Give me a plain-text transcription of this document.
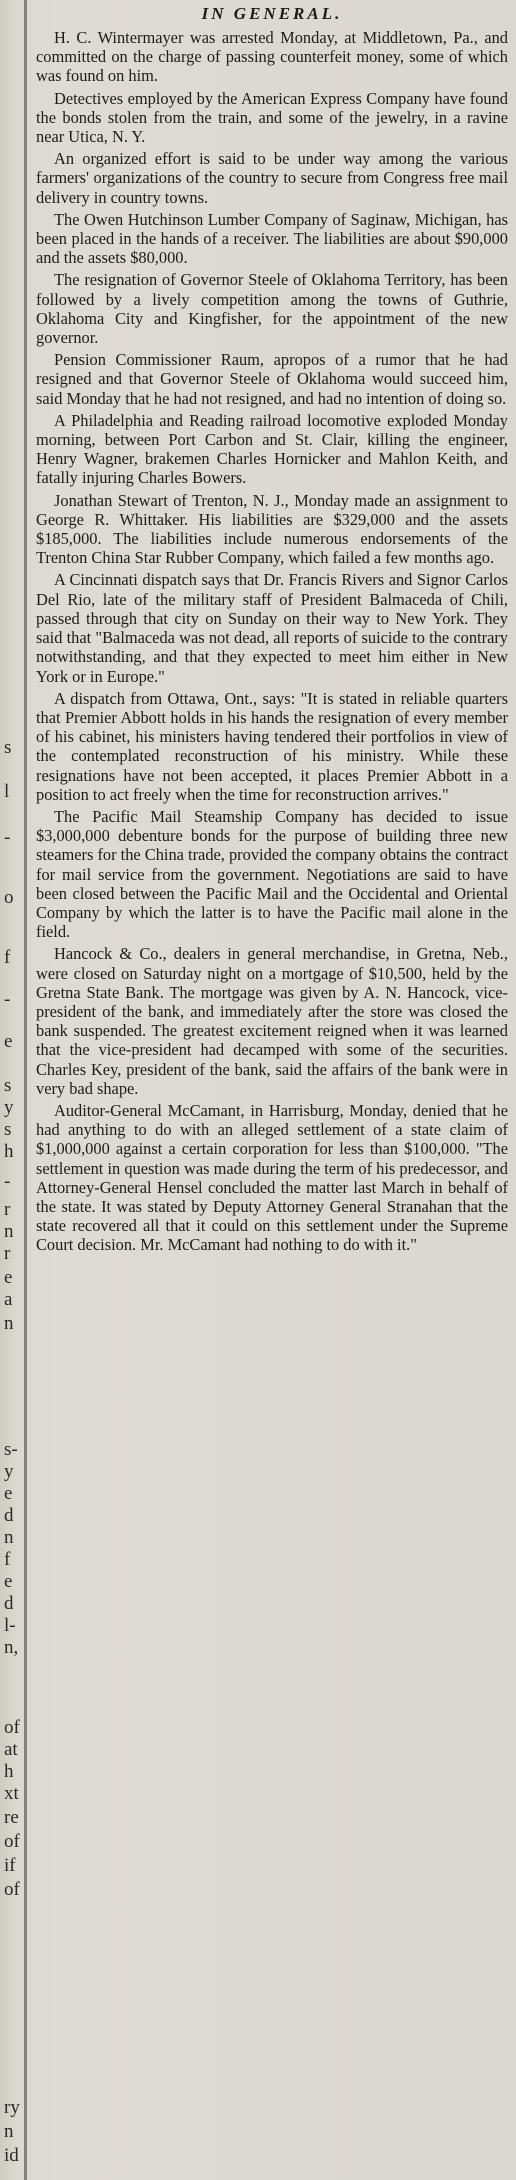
s
l
-
o
f
-
e
s
y
s
h
-
r
n
r
e
a
n
s-
y
e
d
n
f
e
d
l-
n,
of
at
h
xt
re
of
if
of
ry
n
id
IN GENERAL.

H. C. Wintermayer was arrested Monday, at Middletown, Pa., and committed on the charge of passing counterfeit money, some of which was found on him.

Detectives employed by the American Express Company have found the bonds stolen from the train, and some of the jewelry, in a ravine near Utica, N. Y.

An organized effort is said to be under way among the various farmers' organizations of the country to secure from Congress free mail delivery in country towns.

The Owen Hutchinson Lumber Company of Saginaw, Michigan, has been placed in the hands of a receiver. The liabilities are about $90,000 and the assets $80,000.

The resignation of Governor Steele of Oklahoma Territory, has been followed by a lively competition among the towns of Guthrie, Oklahoma City and Kingfisher, for the appointment of the new governor.

Pension Commissioner Raum, apropos of a rumor that he had resigned and that Governor Steele of Oklahoma would succeed him, said Monday that he had not resigned, and had no intention of doing so.

A Philadelphia and Reading railroad locomotive exploded Monday morning, between Port Carbon and St. Clair, killing the engineer, Henry Wagner, brakemen Charles Hornicker and Mahlon Keith, and fatally injuring Charles Bowers.

Jonathan Stewart of Trenton, N. J., Monday made an assignment to George R. Whittaker. His liabilities are $329,000 and the assets $185,000. The liabilities include numerous endorsements of the Trenton China Star Rubber Company, which failed a few months ago.

A Cincinnati dispatch says that Dr. Francis Rivers and Signor Carlos Del Rio, late of the military staff of President Balmaceda of Chili, passed through that city on Sunday on their way to New York. They said that "Balmaceda was not dead, all reports of suicide to the contrary notwithstanding, and that they expected to meet him either in New York or in Europe."

A dispatch from Ottawa, Ont., says: "It is stated in reliable quarters that Premier Abbott holds in his hands the resignation of every member of his cabinet, his ministers having tendered their portfolios in view of the contemplated reconstruction of his ministry. While these resignations have not been accepted, it places Premier Abbott in a position to act freely when the time for reconstruction arrives."

The Pacific Mail Steamship Company has decided to issue $3,000,000 debenture bonds for the purpose of building three new steamers for the China trade, provided the company obtains the contract for mail service from the government. Negotiations are said to have been closed between the Pacific Mail and the Occidental and Oriental Company by which the latter is to have the Pacific mail alone in the field.

Hancock & Co., dealers in general merchandise, in Gretna, Neb., were closed on Saturday night on a mortgage of $10,500, held by the Gretna State Bank. The mortgage was given by A. N. Hancock, vice-president of the bank, and immediately after the store was closed the bank suspended. The greatest excitement reigned when it was learned that the vice-president had decamped with some of the securities. Charles Key, president of the bank, said the affairs of the bank were in very bad shape.

Auditor-General McCamant, in Harrisburg, Monday, denied that he had anything to do with an alleged settlement of a state claim of $1,000,000 against a certain corporation for less than $100,000. "The settlement in question was made during the term of his predecessor, and Attorney-General Hensel concluded the matter last March in behalf of the state. It was stated by Deputy Attorney General Stranahan that the state recovered all that it could on this settlement under the Supreme Court decision. Mr. McCamant had nothing to do with it."
